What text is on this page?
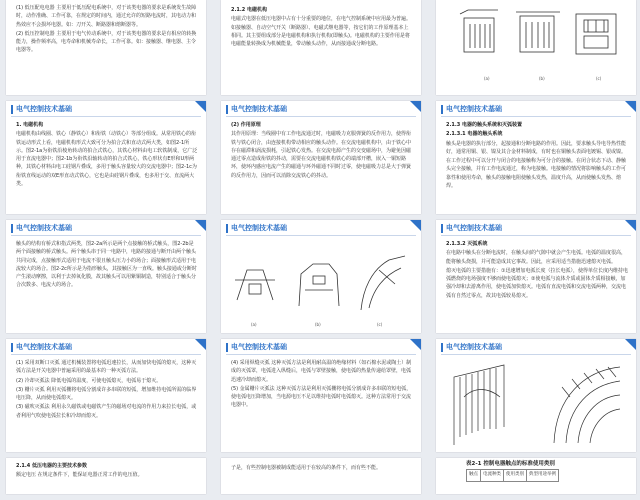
(1) 低压配电电器 主要用于低压配电系统中，对于该类电器的要求是系统发生故障时，动作准确、工作可靠，在规定的时间内，通过允许的短路电流时，其电动力和热效应不会损坏电器。如：刀开关、断路器和熔断器等。

(2) 低压控制电器 主要用于电气传动系统中，对于该类电器的要求是有相应的转换能力，操作频率高，电寿命和机械寿命长，工作可靠。如：接触器、继电器、主令电器等。

2.1.2 电磁机构

电磁式电器在低压电器中占有十分重要的地位，在电气控制系统中应用最为普遍。如接触器、自动空气开关（断路器）、电磁式继电器等，按它们的工作原理基本上相同。其主要组成部分是电磁机构和执行机构(即触头)。电磁机构的主要作用是将电磁能量转换成为机械能量，带动触头动作，从而接通或分断电路。

(a)	(b)	(c)
电气控制技术基础

1. 电磁机构

电磁机构由线圈、铁心（静铁心）和衔铁（动铁心）等部分组成。从常用铁心的衔铁运动形式上看，电磁机构形式大致可分为拍合式和直动式两大类，如图2-1所示。图2-1a为衔铁沿棱角转动的拍合式铁心，其铁心材料由电工软铁制成，它广泛用于直流电器中；图2-1b为衔铁沿轴转动的拍合式铁心，铁心形状有E形和U形两种，其铁心材料由电工硅钢片叠成，多用于触头容量较大的交流电器中；图2-1c为衔铁直线运动的双E形直动式铁心，它也是由硅钢片叠成，也多用于交、直流两大类。

电气控制技术基础

(2) 作用原理

其作用原理：当线圈中有工作电流通过时，电磁吸力克服弹簧的反作用力，使得衔铁与铁心闭合，由连接机构带动相应的触头动作。在交流电磁机构中，由于铁心中存在磁滞和涡流损耗，引起铁心发热。在交流电源产生的交变磁场中，为避免因磁通过零点造成衔铁的抖动，需要在交流电磁机构铁心的端部开槽，嵌入一铜短路环，使环内感应电流产生的磁通与环外磁通不同时过零，使电磁吸力总是大于弹簧的反作用力，因而可以消除交流铁心的抖动。

电气控制技术基础

2.1.3 电器的触头系统和灭弧装置

2.1.3.1 电器的触头系统

触头是电器的执行部分，起接通和分断电路的作用。因此，要求触头导电导热性能好，通常用铜、银、镍及其合金材料制成，有时也在铜触头表面电镀锡、银或镍。

在工作过程中可以分开与闭合的电接触称为可分合的接触。在闭合状态下动、静触头完全接触，并有工作电流通过，称为电接触。电接触的情况将影响触头的工作可靠性和使用寿命，触头的接触电阻使触头发热，温度升高，从而使触头发热、熔焊。

电气控制技术基础

触头的结构有桥式和指式两类，图2-2a所示是两个点接触的桥式触头，图2-2b是两个面接触的桥式触头。两个触头串于同一电路中，电路的接通与断开由两个触头共同完成，点接触形式适用于电流不很且触头压力小的场合；面接触形式适用于电流较大的场合。图2-2c所示是为指形触头，其接触区为一直线。触头接通或分断时产生滚动摩擦，以利于去掉氧化膜，故其触头可以用紫铜制造，特别适合于触头分合次数多、电流大的场合。

电气控制技术基础
(a)	(b)	(c)
电气控制技术基础

2.1.3.2 灭弧系统

在电路中触头在分断电流时，在触头间的气隙中就会产生电弧。电弧的温度很高，能将触头烧损，并可能造成其它事故。因此，应采用适当措施迅速熄灭电弧。

熄灭电弧的主要措施有：①迅速增加电弧长度（拉长电弧），使得单位长度内维持电弧燃烧的电场强度不够而使电弧熄灭；②使电弧与流体介质或固体介质相接触，加强冷却和去游离作用，使电弧加快熄灭。电弧有直流电弧和交流电弧两种，交流电弧有自然过零点，故其电弧较易熄灭。

电气控制技术基础

(1) 采用双断口灭弧 通过机械装置将电弧迅速拉长，从而加快电弧的熄灭，这种灭弧方法是开关电器中普遍采用的最基本的一种灭弧方法。

(2) 冷却灭弧法 降低电弧的温度，可使电弧熄灭，电弧易于熄灭。

(3) 栅片灭弧 利用灭弧栅将电弧分割成许多串联的短弧，增加维持电弧所需的临界电压降，从而使电弧熄灭。

(3) 磁吹灭弧法 利用永久磁铁或电磁铁产生的磁场对电流的作用力来拉长电弧，或者利用气吹使电弧拉长和冷却而熄灭。

电气控制技术基础

(4) 采用纵缝灭弧 这种灭弧方法是利用耐高温的绝缘材料（如石棉水泥或陶土）制成的灭弧罩，电弧进入纵缝后，电弧与罩壁接触，使电弧的热量传递给罩壁，电弧迅速冷却而熄灭。

(5) 金属栅片灭弧法 这种灭弧方法是利用灭弧栅将电弧分割成许多串联的短电弧，使电弧电压降增加，当电源电压不足以维持电弧时电弧熄灭。这种方法常用于交流电器中。

电气控制技术基础

2.1.4 低压电器的主要技术参数

额定电压 在规定条件下，能保证电器正常工作的电压值。

子是，有些控制电器被制成能适用于在较高的条件下，而有些不能。

表2-1 控制电器触点的标准使用类别

触点	电流种类	使用类别	典型用途举例
